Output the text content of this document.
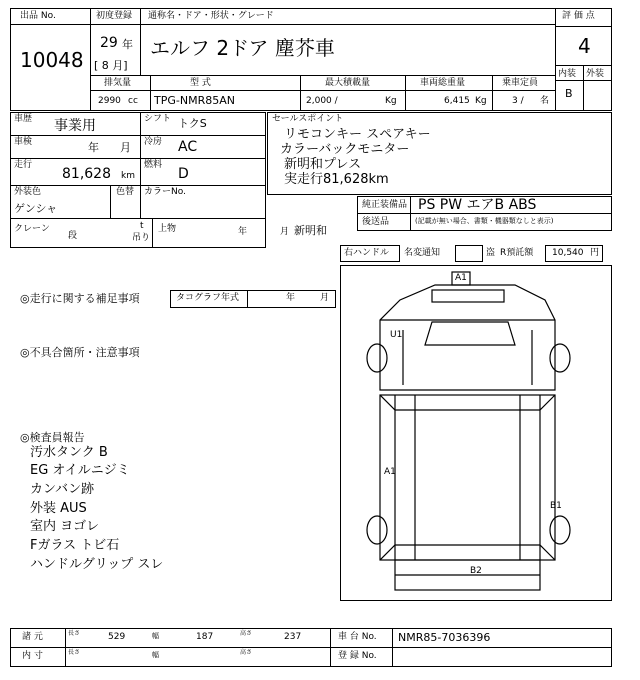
出品 No.
10048
初度登録
29 年
[ 8 月]
通称名・ドア・形状・グレード
エルフ 2ドア 塵芥車
評 価 点
4
内装 外装
B
排気量
2990 cc
型 式
TPG-NMR85AN
最大積載量
2,000 /	Kg
車両総重量
6,415 Kg
乗車定員
3 / 名
車歴 事業用	シフト トクS
車検	年 月 冷房 AC
走行
81,628 km
燃料
D
外装色
ゲンシャ
色替 カラーNo.
クレーン
段
t
吊り
上物	年	月 新明和
セールスポイント
リモコンキー スペアキー
カラーバックモニター
新明和プレス
実走行81,628km
純正装備品 PS PW エアB ABS
後送品	(記載が無い場合、書類・機器類なしと表示)
右ハンドル 名変通知	盗 R預託額 10,540 円
◎走行に関する補足事項	タコグラフ年式	年	月
◎不具合箇所・注意事項
◎検査員報告
汚水タンク B
EG オイルニジミ
カンバン跡
外装 AUS
室内 ヨゴレ
Fガラス トビ石
ハンドルグリップ スレ
A1
U1
A1
B1
B2
諸 元	長さ	529	幅	187	高さ	237	車 台 No. NMR85-7036396
内 寸	長さ	幅	高さ	登 録 No.
